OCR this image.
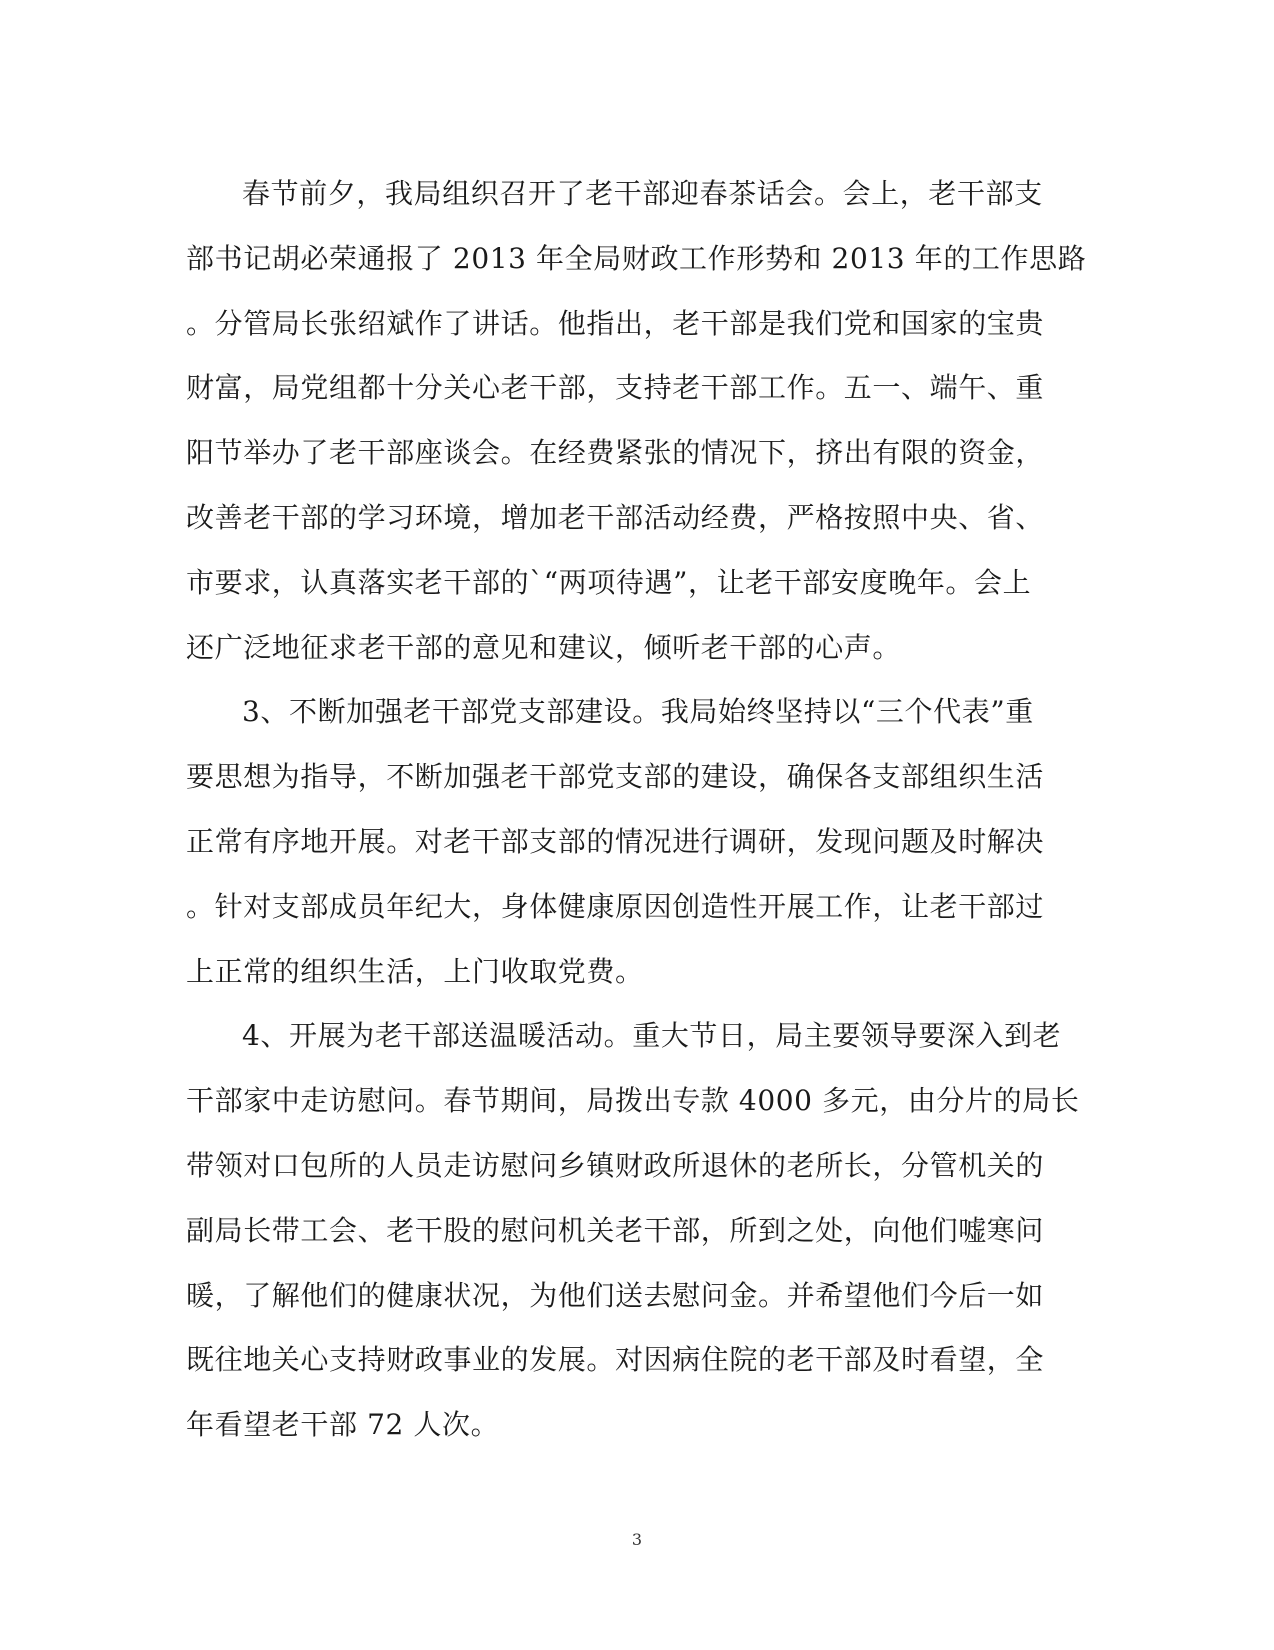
春节前夕，我局组织召开了老干部迎春茶话会。会上，老干部支
部书记胡必荣通报了 2013 年全局财政工作形势和 2013 年的工作思路
。分管局长张绍斌作了讲话。他指出，老干部是我们党和国家的宝贵
财富，局党组都十分关心老干部，支持老干部工作。五一、端午、重
阳节举办了老干部座谈会。在经费紧张的情况下，挤出有限的资金，
改善老干部的学习环境，增加老干部活动经费，严格按照中央、省、
市要求，认真落实老干部的`“两项待遇”，让老干部安度晚年。会上
还广泛地征求老干部的意见和建议，倾听老干部的心声。
3、不断加强老干部党支部建设。我局始终坚持以“三个代表”重
要思想为指导，不断加强老干部党支部的建设，确保各支部组织生活
正常有序地开展。对老干部支部的情况进行调研，发现问题及时解决
。针对支部成员年纪大，身体健康原因创造性开展工作，让老干部过
上正常的组织生活，上门收取党费。
4、开展为老干部送温暖活动。重大节日，局主要领导要深入到老
干部家中走访慰问。春节期间，局拨出专款 4000 多元，由分片的局长
带领对口包所的人员走访慰问乡镇财政所退休的老所长，分管机关的
副局长带工会、老干股的慰问机关老干部，所到之处，向他们嘘寒问
暖，了解他们的健康状况，为他们送去慰问金。并希望他们今后一如
既往地关心支持财政事业的发展。对因病住院的老干部及时看望，全
年看望老干部 72 人次。
3
